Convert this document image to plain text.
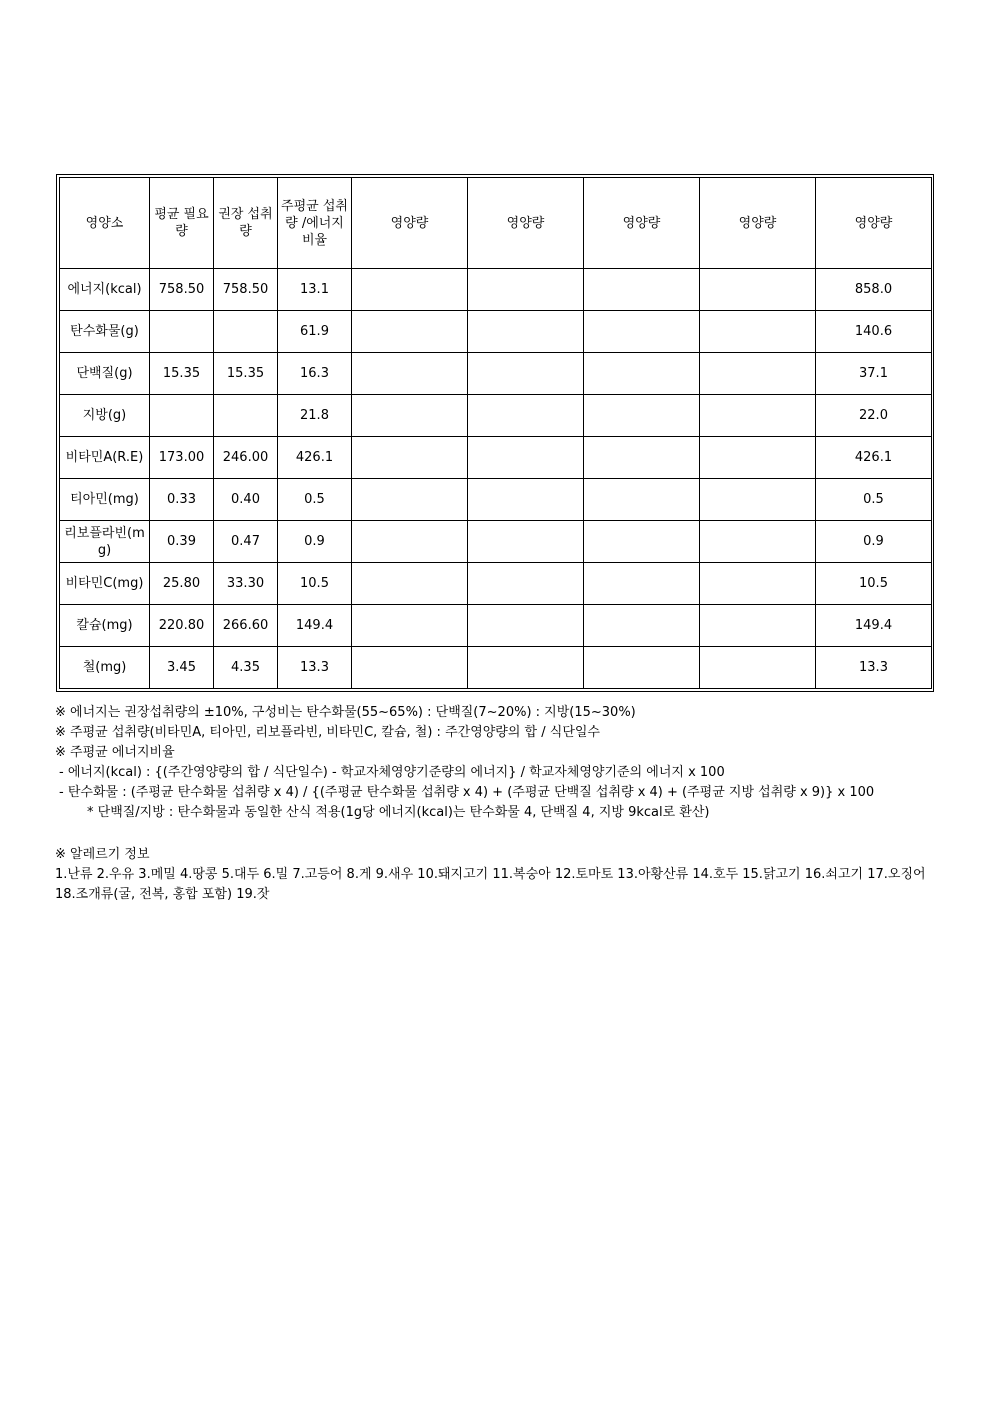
영양소	평균 필요량	권장 섭취량	주평균 섭취량 /에너지 비율	영양량	영양량	영양량	영양량	영양량
에너지(kcal)	758.50	758.50	13.1					858.0
탄수화물(g)			61.9					140.6
단백질(g)	15.35	15.35	16.3					37.1
지방(g)			21.8					22.0
비타민A(R.E)	173.00	246.00	426.1					426.1
티아민(mg)	0.33	0.40	0.5					0.5
리보플라빈(mg)	0.39	0.47	0.9					0.9
비타민C(mg)	25.80	33.30	10.5					10.5
칼슘(mg)	220.80	266.60	149.4					149.4
철(mg)	3.45	4.35	13.3					13.3

※ 에너지는 권장섭취량의 ±10%, 구성비는 탄수화물(55~65%) : 단백질(7~20%) : 지방(15~30%)

※ 주평균 섭취량(비타민A, 티아민, 리보플라빈, 비타민C, 칼슘, 철) : 주간영양량의 합 / 식단일수

※ 주평균 에너지비율

- 에너지(kcal) : {(주간영양량의 합 / 식단일수) - 학교자체영양기준량의 에너지} / 학교자체영양기준의 에너지 x 100

- 탄수화물 : (주평균 탄수화물 섭취량 x 4) / {(주평균 탄수화물 섭취량 x 4) + (주평균 단백질 섭취량 x 4) + (주평균 지방 섭취량 x 9)} x 100

* 단백질/지방 : 탄수화물과 동일한 산식 적용(1g당 에너지(kcal)는 탄수화물 4, 단백질 4, 지방 9kcal로 환산)

※ 알레르기 정보

1.난류 2.우유 3.메밀 4.땅콩 5.대두 6.밀 7.고등어 8.게 9.새우 10.돼지고기 11.복숭아 12.토마토 13.아황산류 14.호두 15.닭고기 16.쇠고기 17.오징어 18.조개류(굴, 전복, 홍합 포함) 19.잣
